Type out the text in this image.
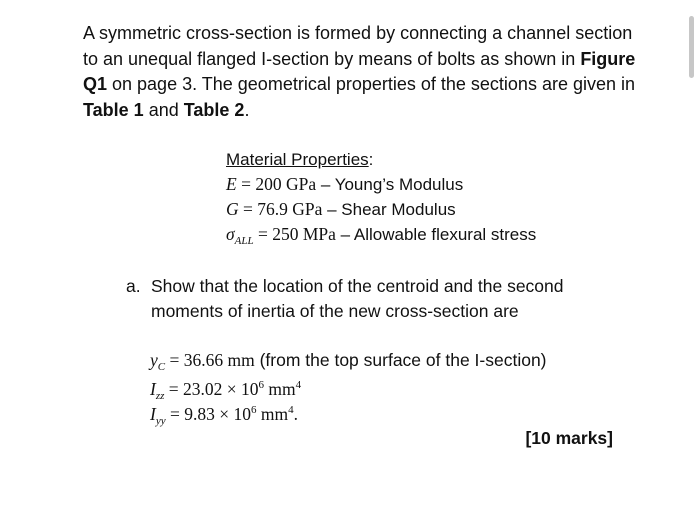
A symmetric cross-section is formed by connecting a channel section to an unequal flanged I-section by means of bolts as shown in Figure Q1 on page 3. The geometrical properties of the sections are given in Table 1 and Table 2.

Material Properties:
E = 200 GPa – Young’s Modulus
G = 76.9 GPa – Shear Modulus
$\sigma_{ALL} = 250$ MPa – Allowable flexural stress
a. Show that the location of the centroid and the second moments of inertia of the new cross-section are
$y_C = 36.66$ mm (from the top surface of the I-section)
$I_{zz} = 23.02 \times 10^6$ $mm^4$
$I_{yy} = 9.83 \times 10^6$ $mm^4$.
[10 marks]
